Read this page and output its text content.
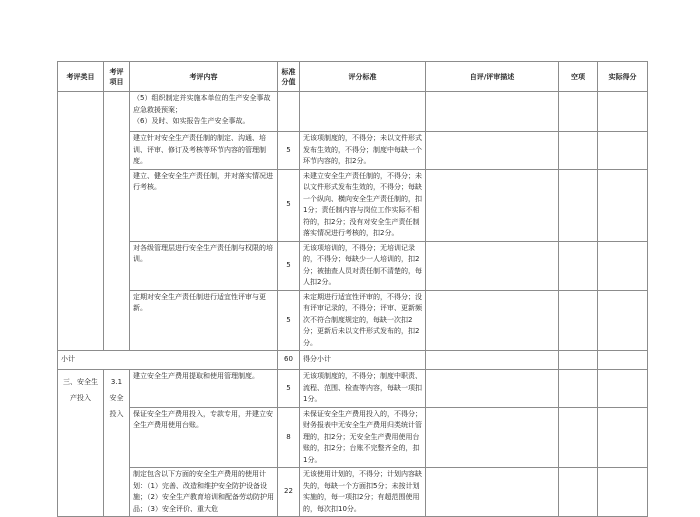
考评类目	考评项目	考评内容	标准分值	评分标准	自评/评审描述	空项	实际得分

		（5）组织制定并实施本单位的生产安全事故应急救援预案；
（6）及时、如实报告生产安全事故。					

		建立针对安全生产责任制的制定、沟通、培训、评审、修订及考核等环节内容的管理制度。	5	无该项制度的，不得分；未以文件形式发布生效的，不得分；制度中每缺一个环节内容的，扣2分。			
		建立、健全安全生产责任制，并对落实情况进行考核。	5	未建立安全生产责任制的，不得分；未以文件形式发布生效的，不得分；每缺一个纵向、横向安全生产责任制的，扣1分；责任制内容与岗位工作实际不相符的，扣2分；没有对安全生产责任制落实情况进行考核的，扣2分。			
		对各级管理层进行安全生产责任制与权限的培训。	5	无该项培训的，不得分；无培训记录的，不得分；每缺少一人培训的，扣2分；被抽查人员对责任制不清楚的，每人扣2分。			
		定期对安全生产责任制进行适宜性评审与更新。	5	未定期进行适宜性评审的，不得分；没有评审记录的，不得分；评审、更新频次不符合制度规定的，每缺一次扣2分；更新后未以文件形式发布的，扣2分。			
小计			60	得分小计			
三、安全生产投入	3.1 安全投入	建立安全生产费用提取和使用管理制度。	5	无该项制度的，不得分；制度中职责、流程、范围、检查等内容，每缺一项扣1分。			
		保证安全生产费用投入，专款专用，并建立安全生产费用使用台账。	8	未保证安全生产费用投入的，不得分；财务报表中无安全生产费用归类统计管理的，扣2分；无安全生产费用使用台账的，扣2分；台账不完整齐全的，扣1分。			
		制定包含以下方面的安全生产费用的使用计划：（1）完善、改造和维护安全防护设备设施；（2）安全生产教育培训和配备劳动防护用品；（3）安全评价、重大危	22	无该使用计划的，不得分；计划内容缺失的，每缺一个方面扣5分；未按计划实施的，每一项扣2分；有超范围使用的，每次扣10分。			
